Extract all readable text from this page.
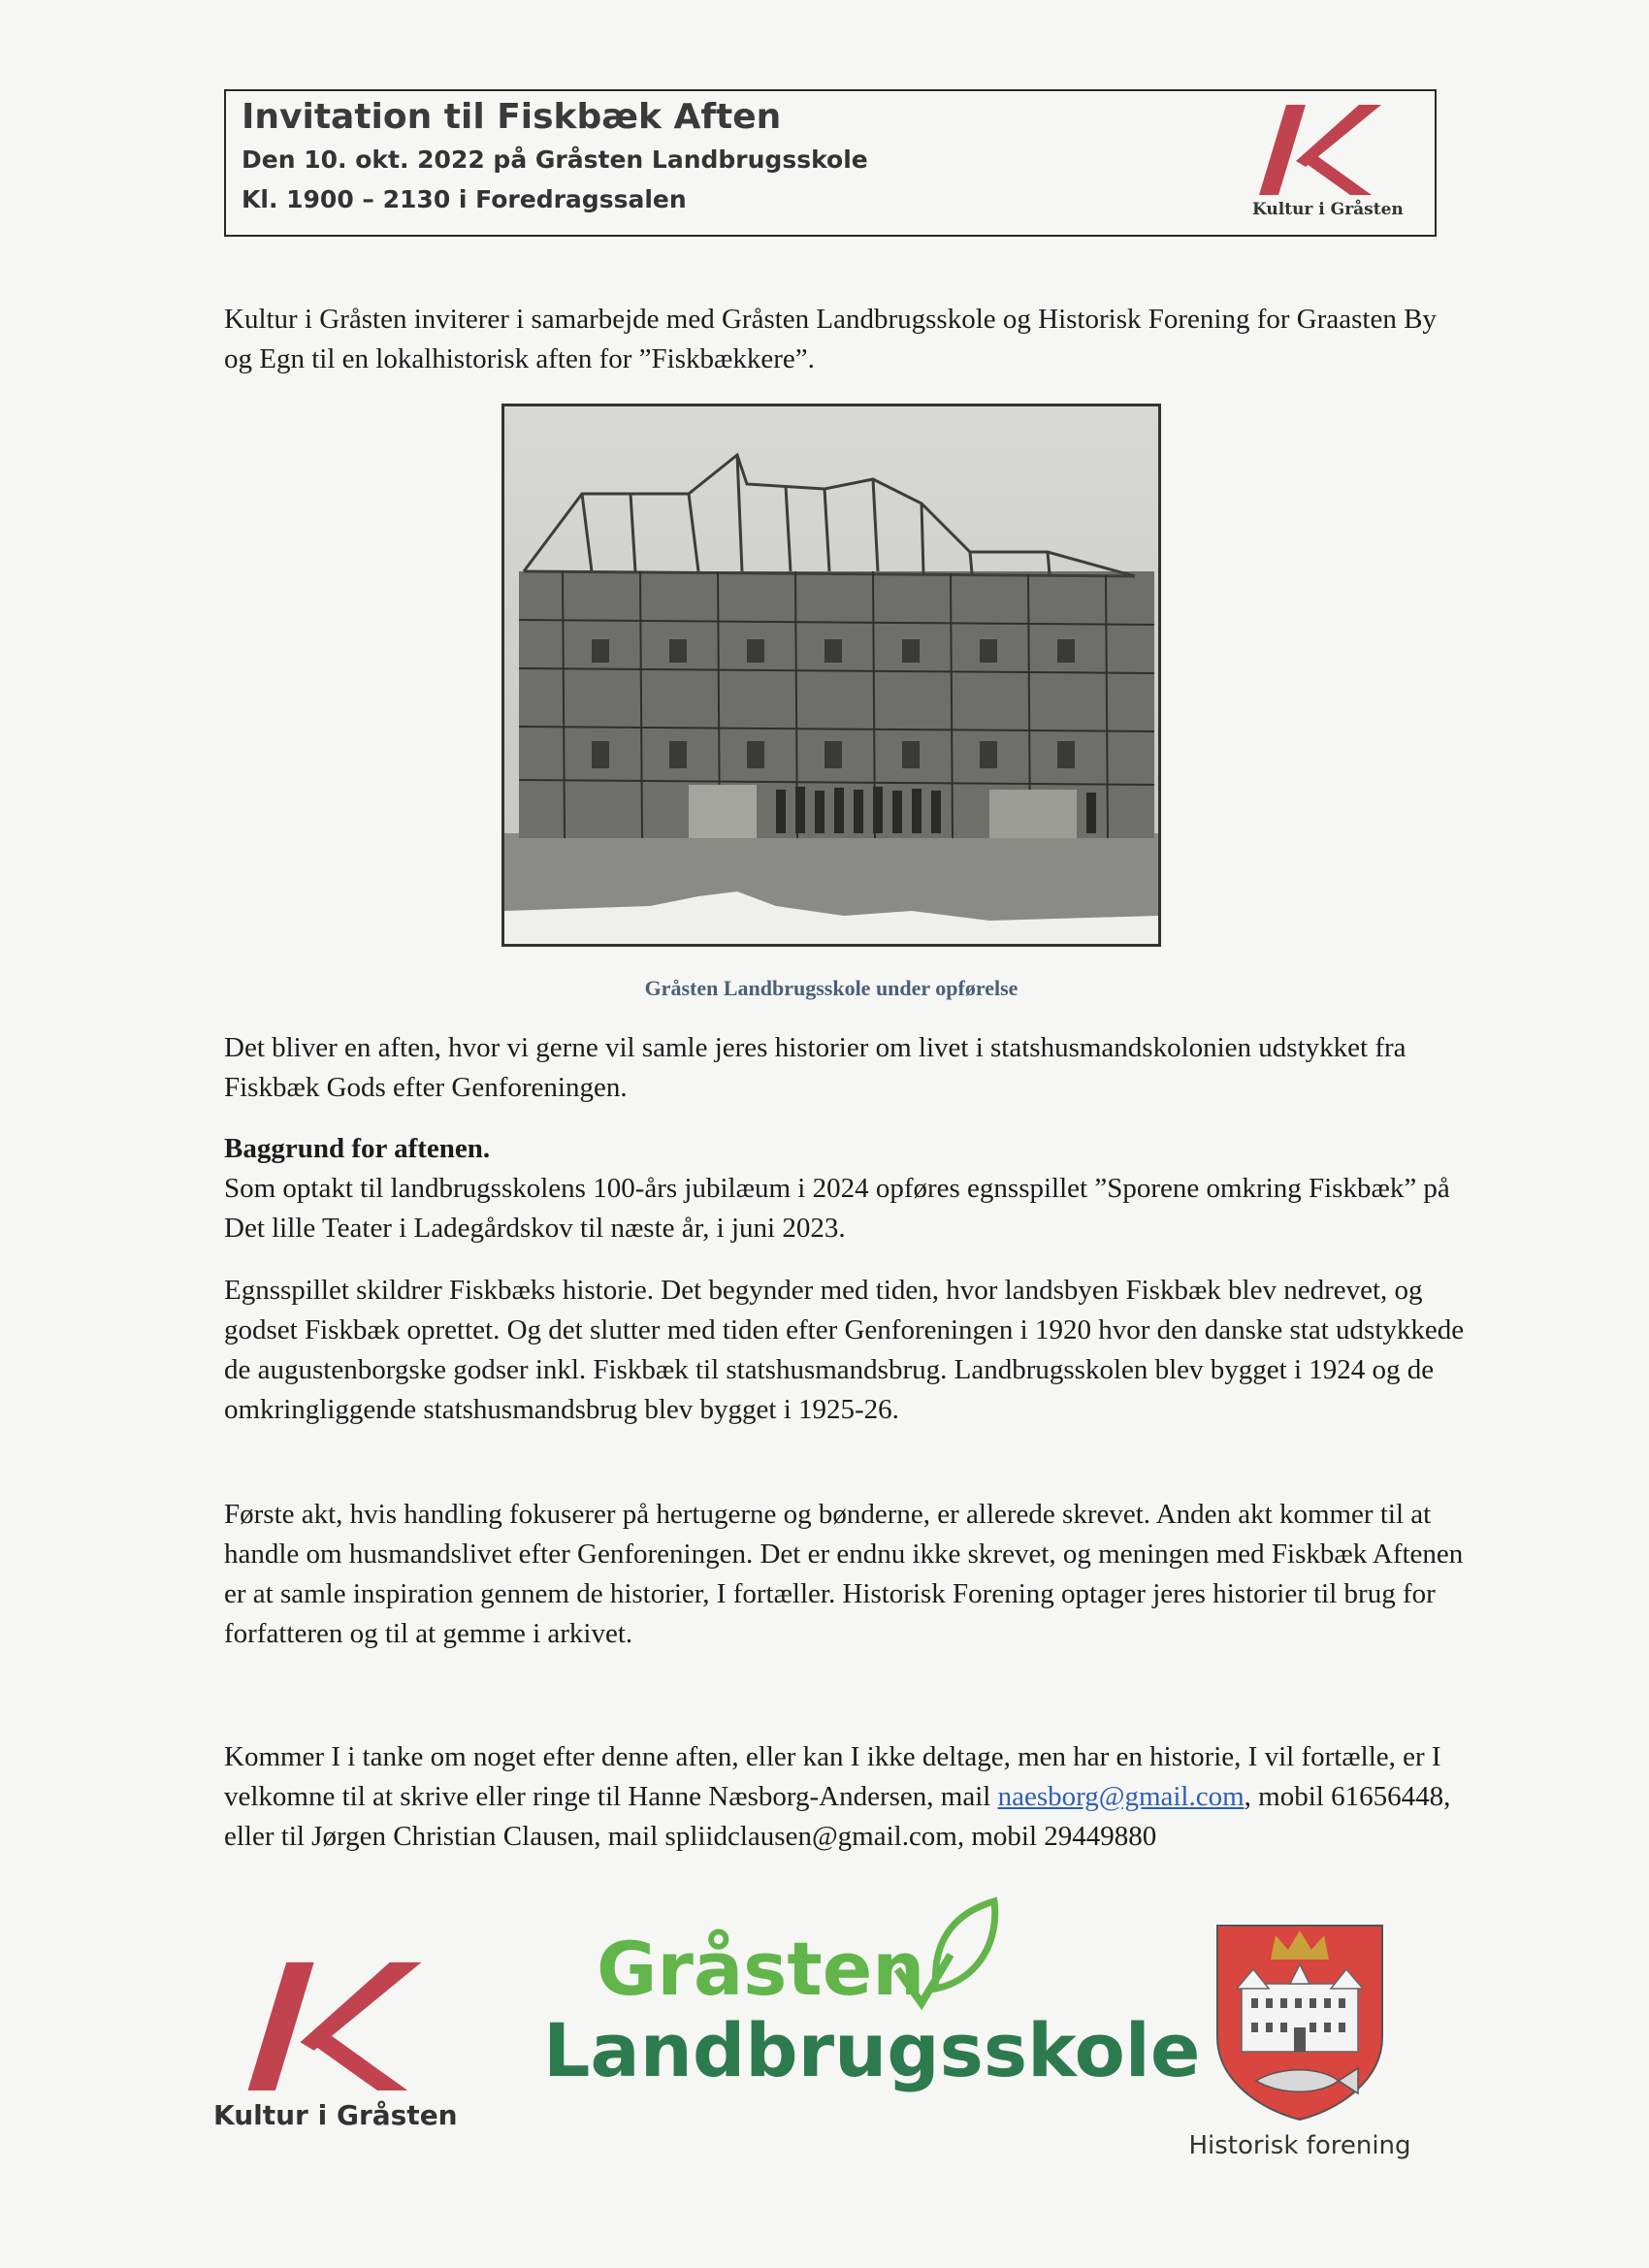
Invitation til Fiskbæk Aften
Den 10. okt. 2022 på Gråsten Landbrugsskole
Kl. 1900 – 2130 i Foredragssalen	Kultur i Gråsten

Kultur i Gråsten inviterer i samarbejde med Gråsten Landbrugsskole og Historisk Forening for Graasten By og Egn til en lokalhistorisk aften for ”Fiskbækkere”.

Gråsten Landbrugsskole under opførelse

Det bliver en aften, hvor vi gerne vil samle jeres historier om livet i statshusmandskolonien udstykket fra Fiskbæk Gods efter Genforeningen.

Baggrund for aftenen.
Som optakt til landbrugsskolens 100-års jubilæum i 2024 opføres egnsspillet ”Sporene omkring Fiskbæk” på Det lille Teater i Ladegårdskov til næste år, i juni 2023.

Egnsspillet skildrer Fiskbæks historie. Det begynder med tiden, hvor landsbyen Fiskbæk blev nedrevet, og godset Fiskbæk oprettet. Og det slutter med tiden efter Genforeningen i 1920 hvor den danske stat udstykkede de augustenborgske godser inkl. Fiskbæk til statshusmandsbrug. Landbrugsskolen blev bygget i 1924 og de omkringliggende statshusmandsbrug blev bygget i 1925-26.

Første akt, hvis handling fokuserer på hertugerne og bønderne, er allerede skrevet. Anden akt kommer til at handle om husmandslivet efter Genforeningen. Det er endnu ikke skrevet, og meningen med Fiskbæk Aftenen er at samle inspiration gennem de historier, I fortæller. Historisk Forening optager jeres historier til brug for forfatteren og til at gemme i arkivet.

Kommer I i tanke om noget efter denne aften, eller kan I ikke deltage, men har en historie, I vil fortælle, er I velkomne til at skrive eller ringe til Hanne Næsborg-Andersen, mail naesborg@gmail.com, mobil 61656448, eller til Jørgen Christian Clausen, mail spliidclausen@gmail.com, mobil 29449880

Kultur i Gråsten
Gråsten
Landbrugsskole
Historisk forening
